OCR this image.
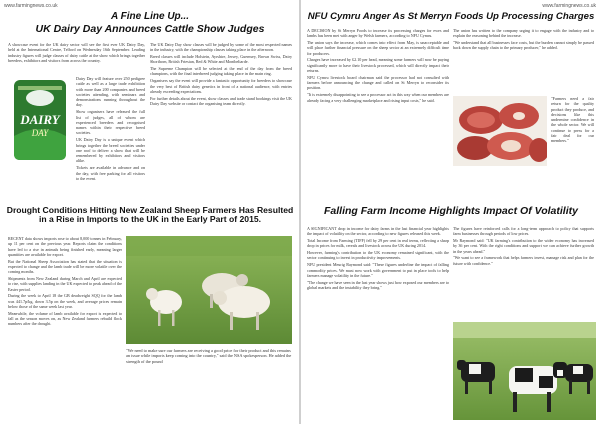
www.farmingnews.co.uk
A Fine Line Up...
UK Dairy Day Announces Cattle Show Judges

A showcase event for the UK dairy sector will see the first ever UK Dairy Day, held at the International Centre, Telford on Wednesday 16th September. Leading industry figures will judge classes of dairy cattle at the show which brings together breeders, exhibitors and visitors from across the country.

Dairy Day will feature over 250 pedigree cattle as well as a large trade exhibition with more than 200 companies and breed societies attending, with seminars and demonstrations running throughout the day.

Show organisers have released the full list of judges, all of whom are experienced breeders and recognised names within their respective breed societies.

UK Dairy Day is a unique event which brings together the breed societies under one roof to deliver a show that will be remembered by exhibitors and visitors alike.

Tickets are available in advance and on the day, with free parking for all visitors to the event.

The UK Dairy Day show classes will be judged by some of the most respected names in the industry, with the championship classes taking place in the afternoon.

Breed classes will include Holstein, Ayrshire, Jersey, Guernsey, Brown Swiss, Dairy Shorthorn, British Friesian, Red & White and Montbeliarde.

The Supreme Champion will be selected at the end of the day from the breed champions, with the final interbreed judging taking place in the main ring.

Organisers say the event will provide a fantastic opportunity for breeders to showcase the very best of British dairy genetics in front of a national audience, with entries already exceeding expectations.

For further details about the event, show classes and trade stand bookings visit the UK Dairy Day website or contact the organising team directly.

DAIRY
DAY
Drought Conditions Hitting New Zealand Sheep Farmers Has Resulted in a Rise in Imports to the UK in the Early Part of 2015.

RECENT data shows imports rose to about 8,000 tonnes in February, up 11 per cent on the previous year. Reports claim the conditions have led to a rise in animals being finished early, meaning larger quantities are available for export.

But the National Sheep Association has stated that the situation is expected to change and the lamb trade will be more volatile over the coming months.

Shipments from New Zealand during March and April are expected to rise, with supplies landing in the UK expected to peak ahead of the Easter period.

During the week to April 18 the GB deadweight SQQ for the lamb was 441.7p/kg, down 3.5p on the week, and average prices remain below those of the same week last year.

Meanwhile, the volume of lamb available for export is expected to fall as the season moves on, as New Zealand farmers rebuild flock numbers after the drought.

"We need to make sure our farmers are receiving a good price for their product and this remains an issue while imports keep coming into the country," said the NSA spokesperson. He added the strength of the pound
www.farmingnews.co.uk
NFU Cymru Anger As St Merryn Foods Up Processing Charges

A DECISION by St Merryn Foods to increase its processing charges for ewes and lambs has been met with anger by Welsh farmers, according to NFU Cymru.

The union says the increase, which comes into effect from May, is unacceptable and will place further financial pressure on the sheep sector at an extremely difficult time for producers.

Charges have increased by £2.10 per head, meaning some farmers will now be paying significantly more to have their livestock processed, which will directly impact their returns.

NFU Cymru livestock board chairman said the processor had not consulted with farmers before announcing the change and called on St Merryn to reconsider its position.

"It is extremely disappointing to see a processor act in this way when our members are already facing a very challenging marketplace and rising input costs," he said.

The union has written to the company urging it to engage with the industry and to explain the reasoning behind the increase.

"We understand that all businesses face costs, but the burden cannot simply be passed back down the supply chain to the primary producer," he added.

"Farmers need a fair return for the quality product they produce, and decisions like this undermine confidence in the whole sector. We will continue to press for a fair deal for our members."

Falling Farm Income Highlights Impact Of Volatility

A SIGNIFICANT drop in income for dairy farms in the last financial year highlights the impact of volatility on the sector, according to new figures released this week.

Total Income from Farming (TIFF) fell by 29 per cent in real terms, reflecting a sharp drop in prices for milk, cereals and livestock across the UK during 2014.

However, farming's contribution to the UK economy remained significant, with the sector continuing to invest in productivity improvements.

NFU president Meurig Raymond said: "These figures underline the impact of falling commodity prices. We must now work with government to put in place tools to help farmers manage volatility in the future."

"The change we have seen in the last year shows just how exposed our members are to global markets and the instability they bring."

The figures have reinforced calls for a long-term approach to policy that supports farm businesses through periods of low prices.

Mr Raymond said: "UK farming's contribution to the wider economy has increased by 36 per cent. With the right conditions and support we can achieve further growth in the years ahead."

"We want to see a framework that helps farmers invest, manage risk and plan for the future with confidence."
